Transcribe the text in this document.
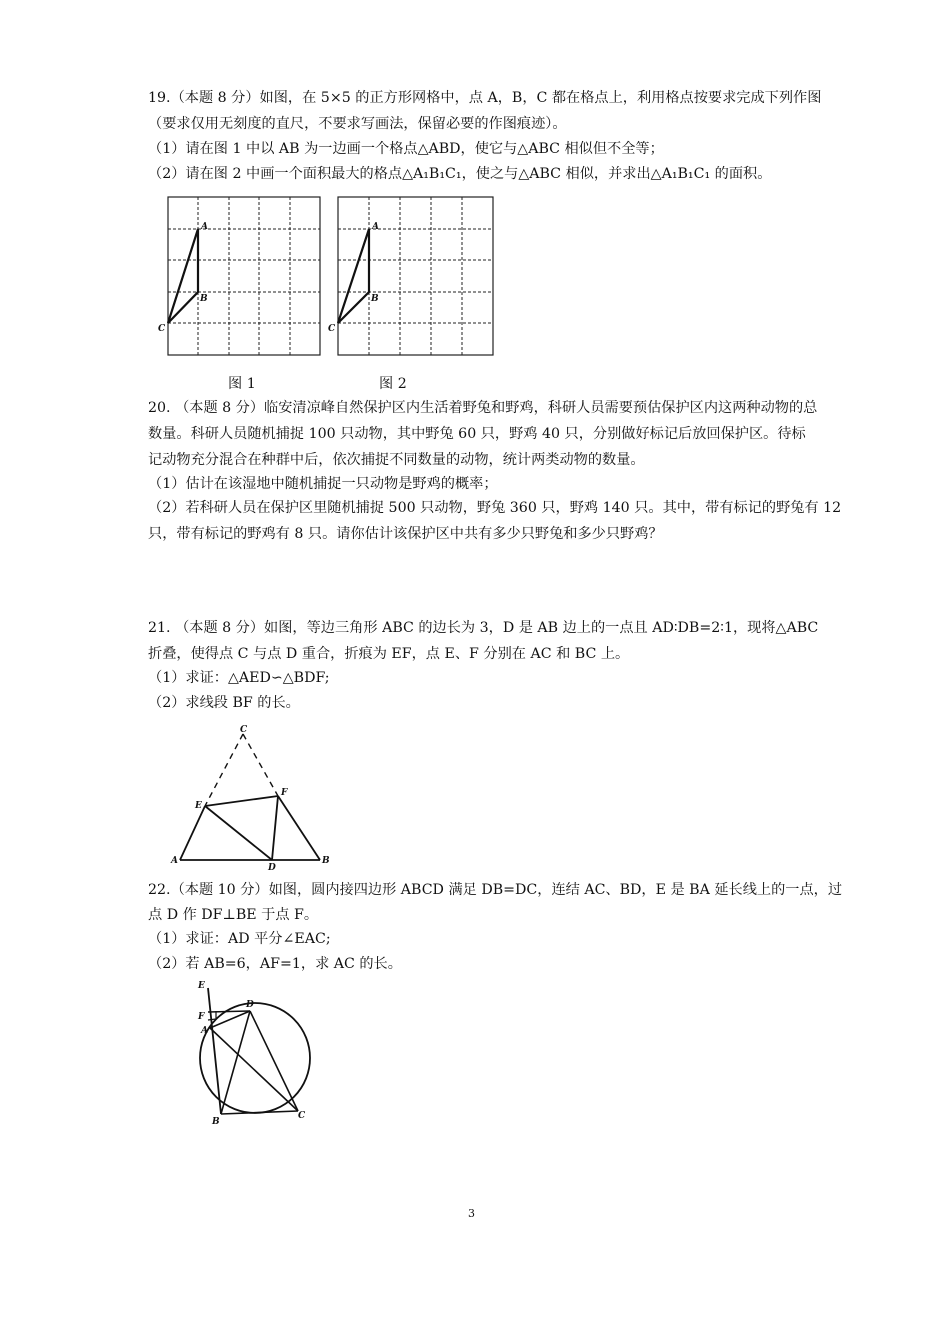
19.（本题 8 分）如图，在 5×5 的正方形网格中，点 A，B，C 都在格点上，利用格点按要求完成下列作图
（要求仅用无刻度的直尺，不要求写画法，保留必要的作图痕迹）。
（1）请在图 1 中以 AB 为一边画一个格点△ABD，使它与△ABC 相似但不全等；
（2）请在图 2 中画一个面积最大的格点△A₁B₁C₁，使之与△ABC 相似，并求出△A₁B₁C₁ 的面积。
A
B
C
A
B
C
图 1	图 2
20. （本题 8 分）临安清凉峰自然保护区内生活着野兔和野鸡，科研人员需要预估保护区内这两种动物的总
数量。科研人员随机捕捉 100 只动物，其中野兔 60 只，野鸡 40 只，分别做好标记后放回保护区。待标
记动物充分混合在种群中后，依次捕捉不同数量的动物，统计两类动物的数量。
（1）估计在该湿地中随机捕捉一只动物是野鸡的概率；
（2）若科研人员在保护区里随机捕捉 500 只动物，野兔 360 只，野鸡 140 只。其中，带有标记的野兔有 12
只，带有标记的野鸡有 8 只。请你估计该保护区中共有多少只野兔和多少只野鸡？
21. （本题 8 分）如图，等边三角形 ABC 的边长为 3，D 是 AB 边上的一点且 AD∶DB=2∶1，现将△ABC
折叠，使得点 C 与点 D 重合，折痕为 EF，点 E、F 分别在 AC 和 BC 上。
（1）求证：△AED∽△BDF;
（2）求线段 BF 的长。
C
E
F
A
D
B
22.（本题 10 分）如图，圆内接四边形 ABCD 满足 DB=DC，连结 AC、BD，E 是 BA 延长线上的一点，过
点 D 作 DF⊥BE 于点 F。
（1）求证：AD 平分∠EAC;
（2）若 AB=6，AF=1，求 AC 的长。
E
F
A
D
B
C
3
